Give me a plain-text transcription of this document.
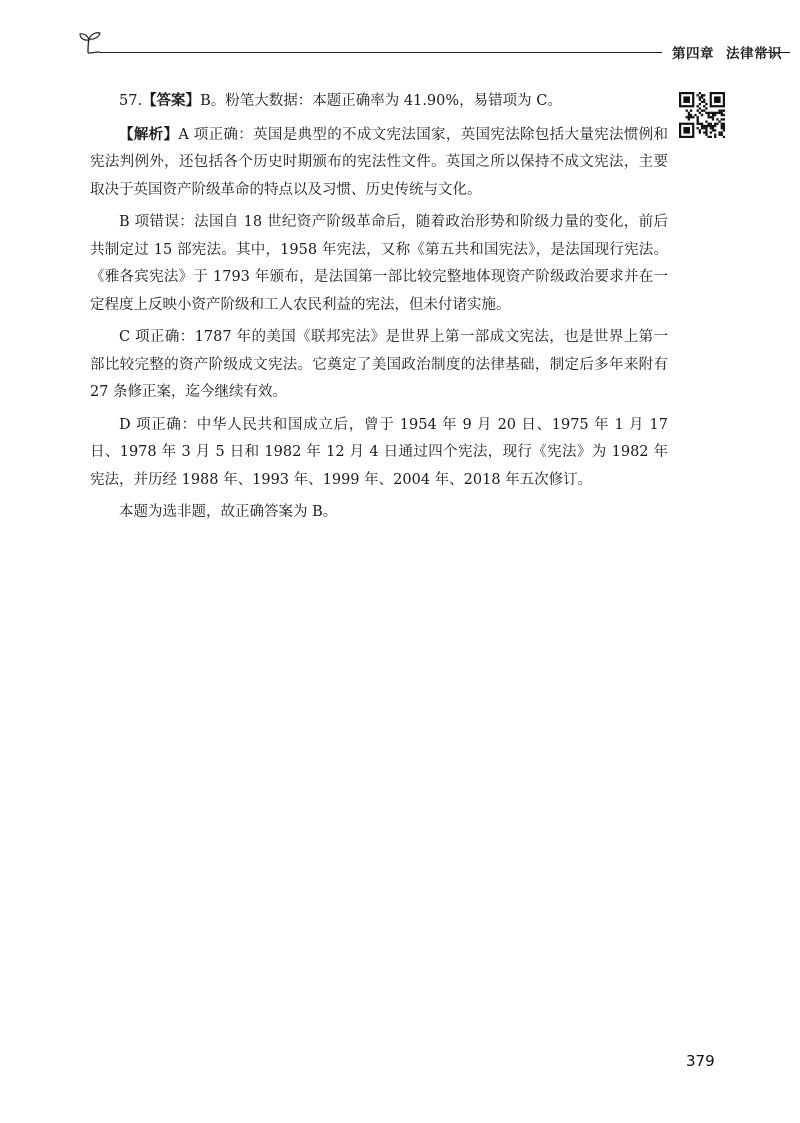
第四章 法律常识

57.【答案】B。粉笔大数据：本题正确率为 41.90%，易错项为 C。

【解析】A 项正确：英国是典型的不成文宪法国家，英国宪法除包括大量宪法惯例和宪法判例外，还包括各个历史时期颁布的宪法性文件。英国之所以保持不成文宪法，主要取决于英国资产阶级革命的特点以及习惯、历史传统与文化。

B 项错误：法国自 18 世纪资产阶级革命后，随着政治形势和阶级力量的变化，前后共制定过 15 部宪法。其中，1958 年宪法，又称《第五共和国宪法》，是法国现行宪法。《雅各宾宪法》于 1793 年颁布，是法国第一部比较完整地体现资产阶级政治要求并在一定程度上反映小资产阶级和工人农民利益的宪法，但未付诸实施。

C 项正确：1787 年的美国《联邦宪法》是世界上第一部成文宪法，也是世界上第一部比较完整的资产阶级成文宪法。它奠定了美国政治制度的法律基础，制定后多年来附有 27 条修正案，迄今继续有效。

D 项正确：中华人民共和国成立后，曾于 1954 年 9 月 20 日、1975 年 1 月 17 日、1978 年 3 月 5 日和 1982 年 12 月 4 日通过四个宪法，现行《宪法》为 1982 年宪法，并历经 1988 年、1993 年、1999 年、2004 年、2018 年五次修订。

本题为选非题，故正确答案为 B。

379
